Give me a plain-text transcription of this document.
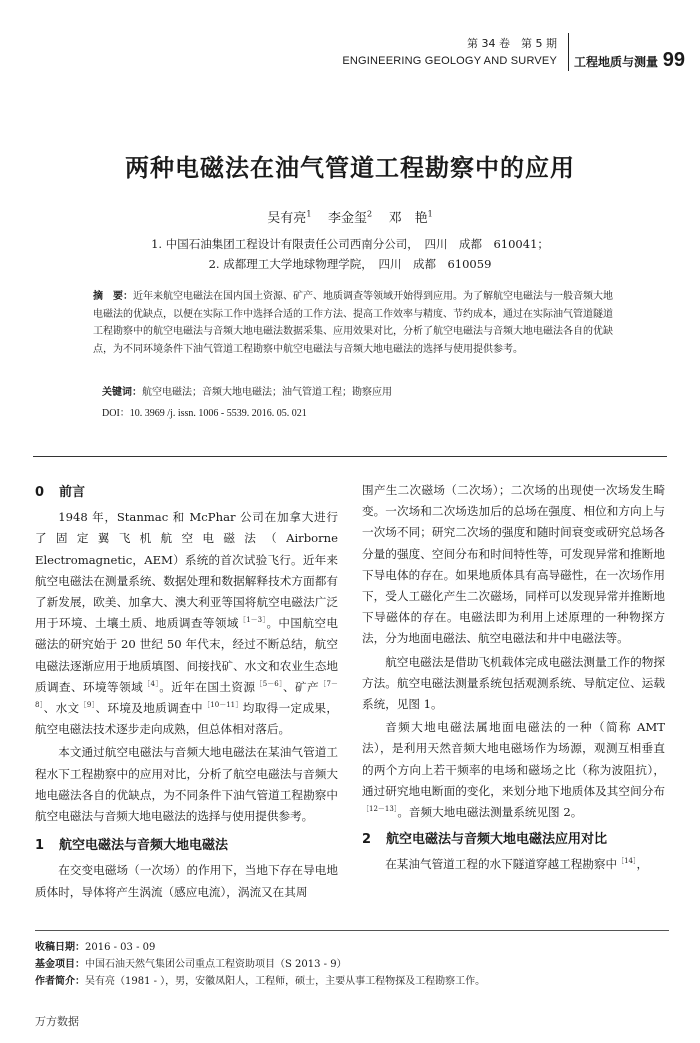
第 34 卷　第 5 期
ENGINEERING GEOLOGY AND SURVEY 工程地质与测量 99
两种电磁法在油气管道工程勘察中的应用
吴有亮$^1$ 李金玺$^2$ 邓　艳$^1$
1. 中国石油集团工程设计有限责任公司西南分公司，　四川　成都　610041；
2. 成都理工大学地球物理学院，　四川　成都　610059
摘　要：近年来航空电磁法在国内国土资源、矿产、地质调查等领域开始得到应用。为了解航空电磁法与一般音频大地电磁法的优缺点，以便在实际工作中选择合适的工作方法、提高工作效率与精度、节约成本，通过在实际油气管道隧道工程勘察中的航空电磁法与音频大地电磁法数据采集、应用效果对比，分析了航空电磁法与音频大地电磁法各自的优缺点，为不同环境条件下油气管道工程勘察中航空电磁法与音频大地电磁法的选择与使用提供参考。
关键词：航空电磁法；音频大地电磁法；油气管道工程；勘察应用
DOI：10. 3969 /j. issn. 1006 - 5539. 2016. 05. 021
0 前言

1948 年，Stanmac 和 McPhar 公司在加拿大进行了固定翼飞机航空电磁法（Airborne Electromagnetic，AEM）系统的首次试验飞行。近年来航空电磁法在测量系统、数据处理和数据解释技术方面都有了新发展，欧美、加拿大、澳大利亚等国将航空电磁法广泛用于环境、土壤土质、地质调查等领域$^{[1-3]}$。中国航空电磁法的研究始于 20 世纪 50 年代末，经过不断总结，航空电磁法逐渐应用于地质填图、间接找矿、水文和农业生态地质调查、环境等领域$^{[4]}$。近年在国土资源$^{[5-6]}$、矿产$^{[7-8]}$、水文$^{[9]}$、环境及地质调查中$^{[10-11]}$均取得一定成果，航空电磁法技术逐步走向成熟，但总体相对落后。

本文通过航空电磁法与音频大地电磁法在某油气管道工程水下工程勘察中的应用对比，分析了航空电磁法与音频大地电磁法各自的优缺点，为不同条件下油气管道工程勘察中航空电磁法与音频大地电磁法的选择与使用提供参考。

1 航空电磁法与音频大地电磁法

在交变电磁场（一次场）的作用下，当地下存在导电地质体时，导体将产生涡流（感应电流），涡流又在其周

围产生二次磁场（二次场）；二次场的出现使一次场发生畸变。一次场和二次场迭加后的总场在强度、相位和方向上与一次场不同；研究二次场的强度和随时间衰变或研究总场各分量的强度、空间分布和时间特性等，可发现异常和推断地下导电体的存在。如果地质体具有高导磁性，在一次场作用下，受人工磁化产生二次磁场，同样可以发现异常并推断地下导磁体的存在。电磁法即为利用上述原理的一种物探方法，分为地面电磁法、航空电磁法和井中电磁法等。

航空电磁法是借助飞机载体完成电磁法测量工作的物探方法。航空电磁法测量系统包括观测系统、导航定位、运载系统，见图 1。

音频大地电磁法属地面电磁法的一种（简称 AMT 法），是利用天然音频大地电磁场作为场源，观测互相垂直的两个方向上若干频率的电场和磁场之比（称为波阻抗），通过研究地电断面的变化，来划分地下地质体及其空间分布$^{[12-13]}$。音频大地电磁法测量系统见图 2。

2 航空电磁法与音频大地电磁法应用对比

在某油气管道工程的水下隧道穿越工程勘察中$^{[14]}$，

收稿日期：2016 - 03 - 09
基金项目：中国石油天然气集团公司重点工程资助项目（S 2013 - 9）
作者简介：吴有亮（1981 - ），男，安徽凤阳人，工程师，硕士，主要从事工程物探及工程勘察工作。
万方数据
